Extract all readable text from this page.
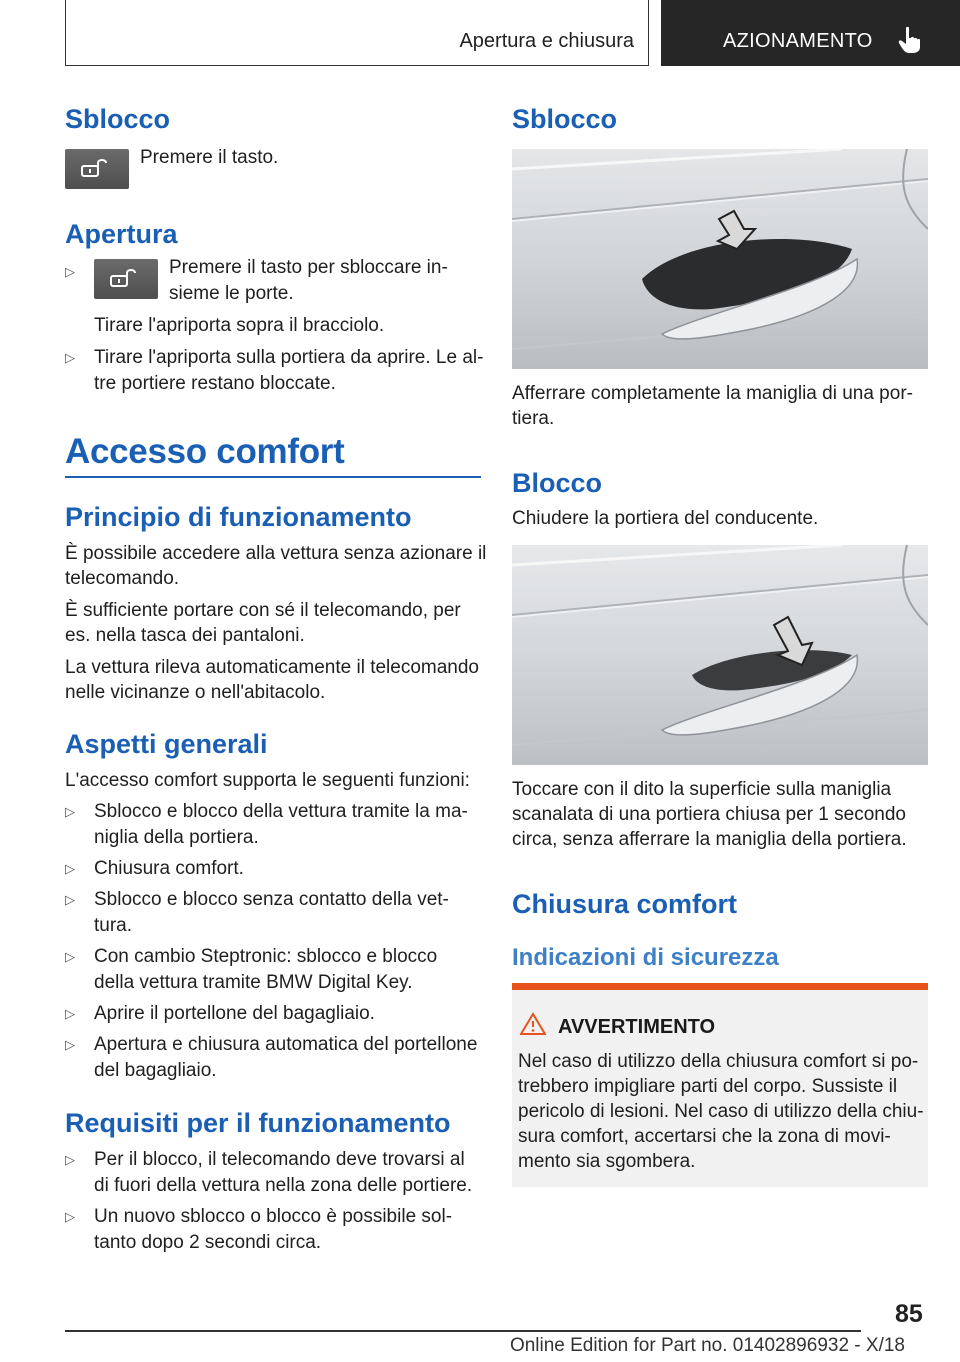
Apertura e chiusura	AZIONAMENTO
Sblocco
Premere il tasto.
Apertura
▷	Premere il tasto per sbloccare in-
sieme le porte.
Tirare l'apriporta sopra il bracciolo.
▷ Tirare l'apriporta sulla portiera da aprire. Le al-
tre portiere restano bloccate.
Accesso comfort
Principio di funzionamento
È possibile accedere alla vettura senza azionare il
telecomando.
È sufficiente portare con sé il telecomando, per
es. nella tasca dei pantaloni.
La vettura rileva automaticamente il telecomando
nelle vicinanze o nell'abitacolo.
Aspetti generali
L'accesso comfort supporta le seguenti funzioni:
▷ Sblocco e blocco della vettura tramite la ma-
niglia della portiera.
▷ Chiusura comfort.
▷ Sblocco e blocco senza contatto della vet-
tura.
▷ Con cambio Steptronic: sblocco e blocco
della vettura tramite BMW Digital Key.
▷ Aprire il portellone del bagagliaio.
▷ Apertura e chiusura automatica del portellone
del bagagliaio.
Requisiti per il funzionamento
▷ Per il blocco, il telecomando deve trovarsi al
di fuori della vettura nella zona delle portiere.
▷ Un nuovo sblocco o blocco è possibile sol-
tanto dopo 2 secondi circa.
Sblocco
Afferrare completamente la maniglia di una por-
tiera.
Blocco
Chiudere la portiera del conducente.
Toccare con il dito la superficie sulla maniglia
scanalata di una portiera chiusa per 1 secondo
circa, senza afferrare la maniglia della portiera.
Chiusura comfort
Indicazioni di sicurezza
AVVERTIMENTO
Nel caso di utilizzo della chiusura comfort si po-
trebbero impigliare parti del corpo. Sussiste il
pericolo di lesioni. Nel caso di utilizzo della chiu-
sura comfort, accertarsi che la zona di movi-
mento sia sgombera.
85
Online Edition for Part no. 01402896932 - X/18
